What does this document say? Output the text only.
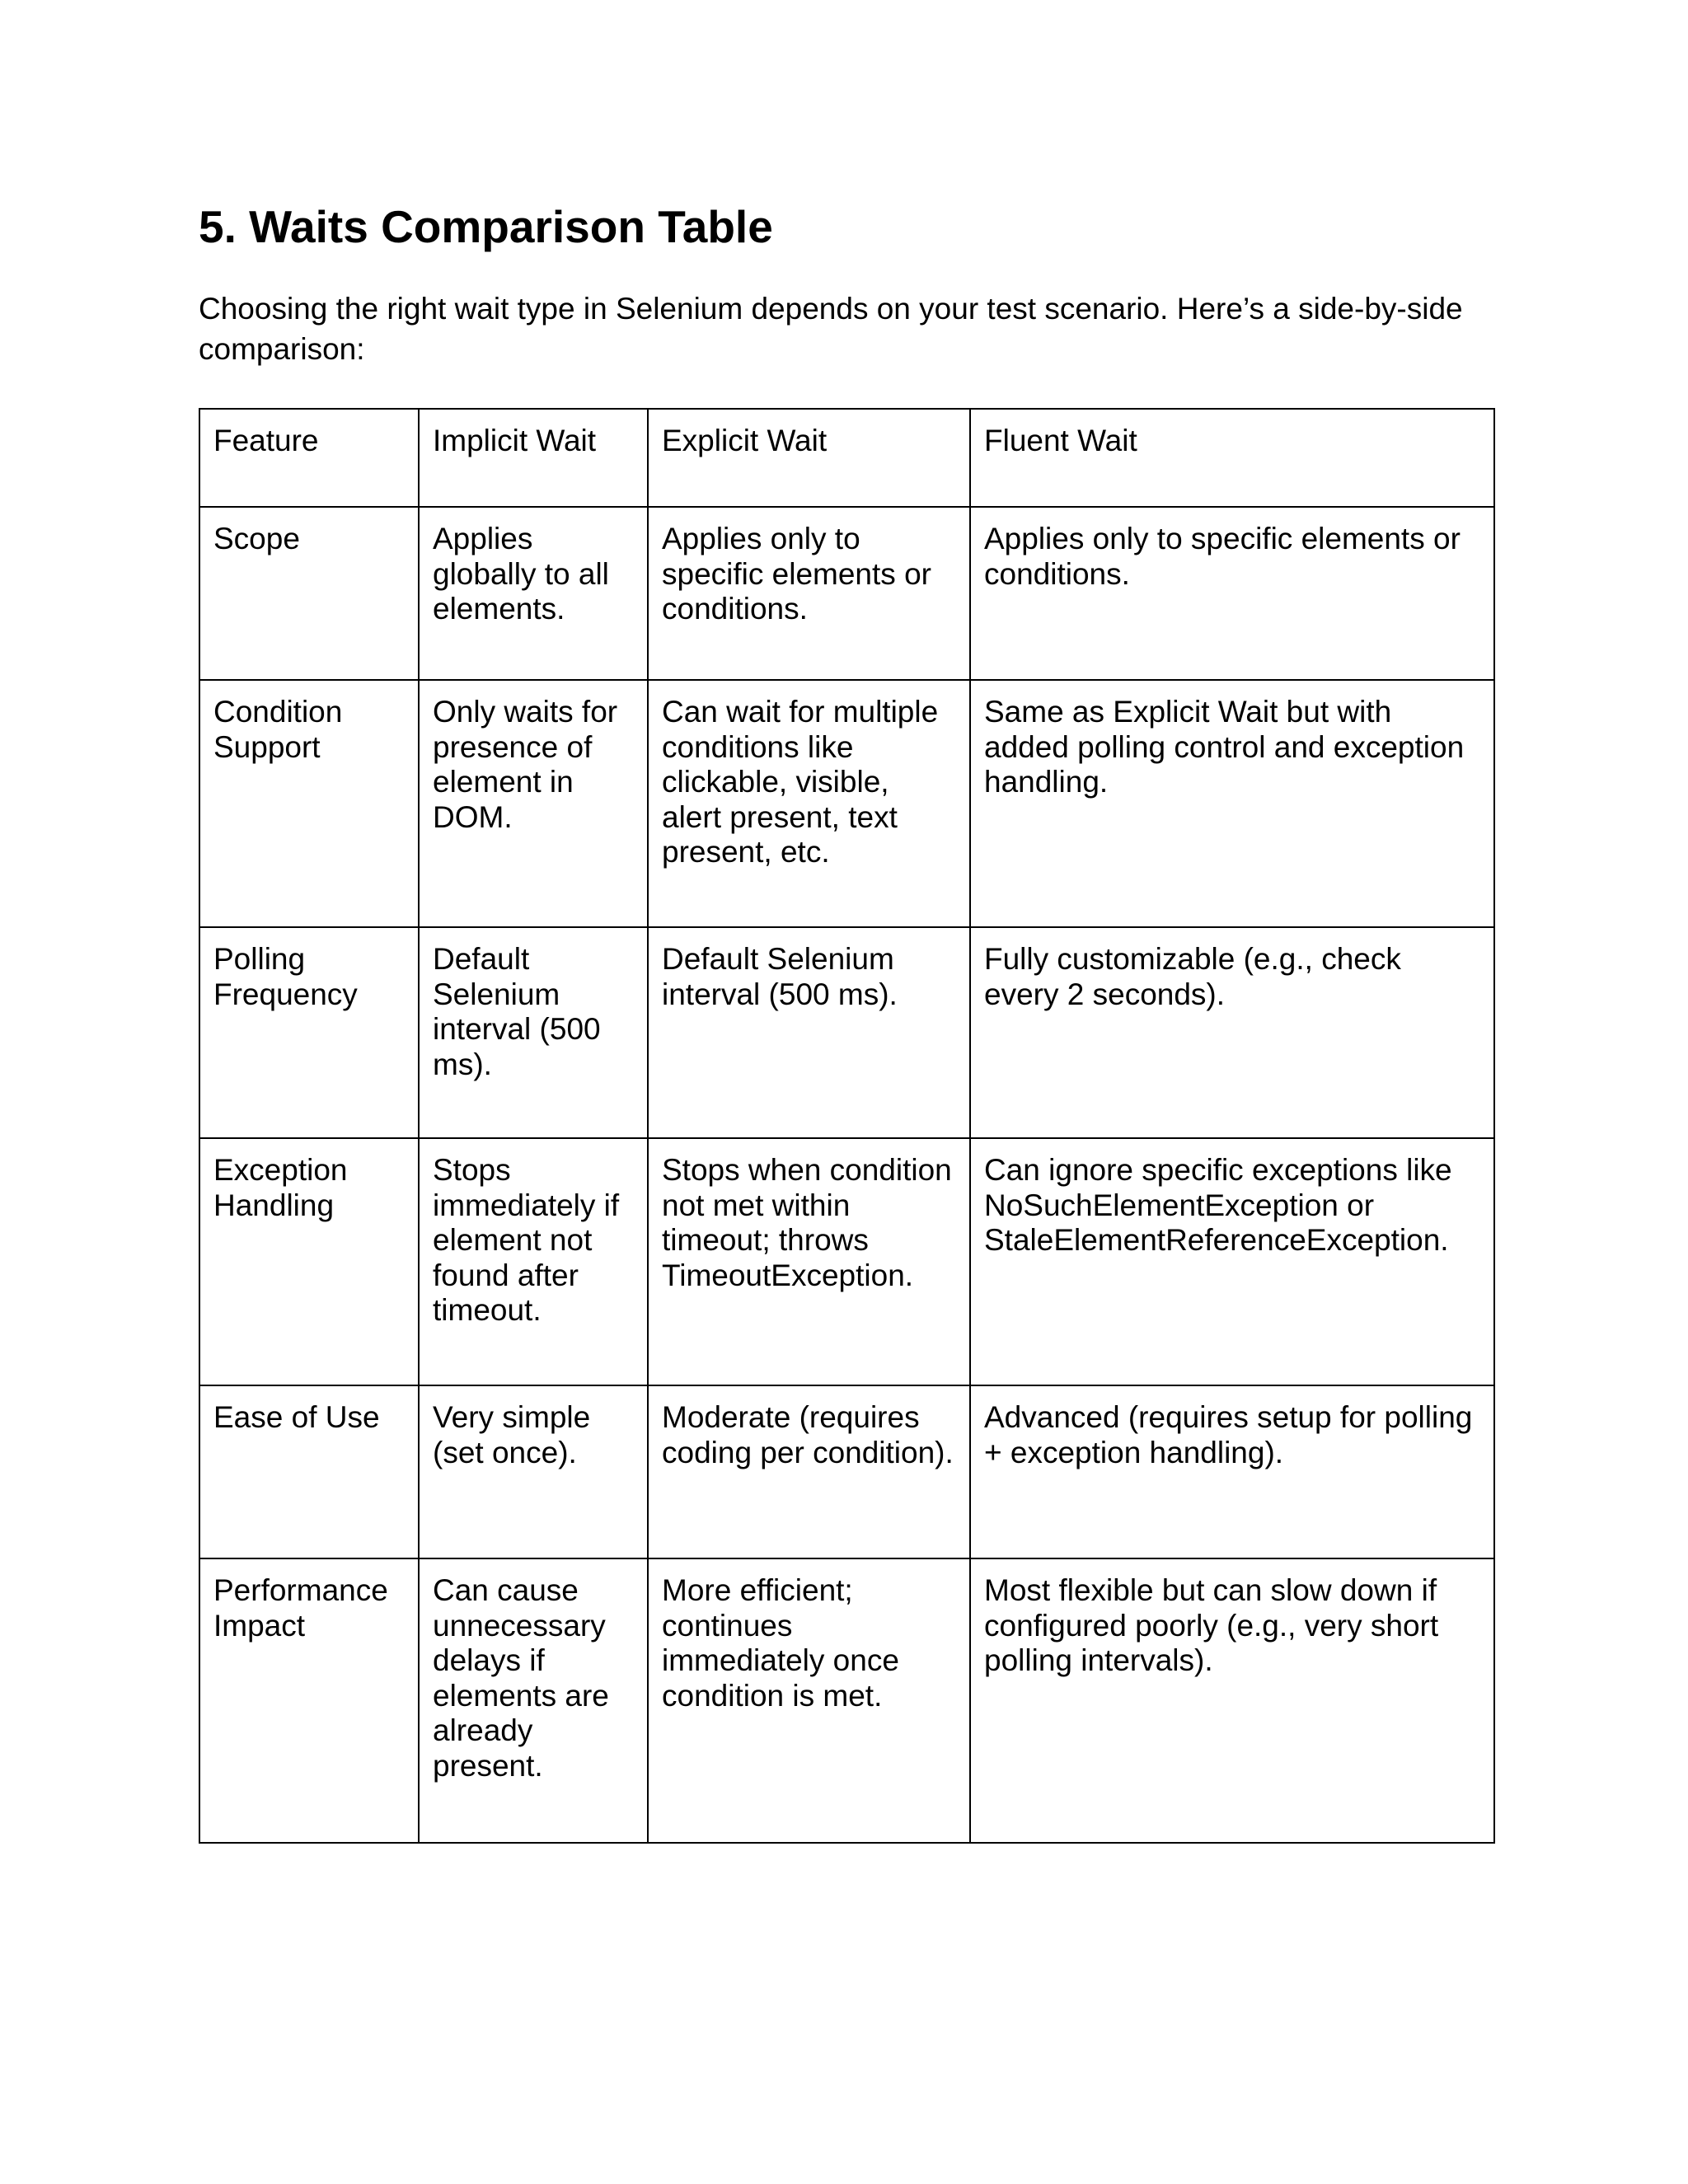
5. Waits Comparison Table

Choosing the right wait type in Selenium depends on your test scenario. Here’s a side-by-side comparison:

Feature	Implicit Wait	Explicit Wait	Fluent Wait
Scope	Applies globally to all elements.	Applies only to specific elements or conditions.	Applies only to specific elements or conditions.
Condition Support	Only waits for presence of element in DOM.	Can wait for multiple conditions like clickable, visible, alert present, text present, etc.	Same as Explicit Wait but with added polling control and exception handling.
Polling Frequency	Default Selenium interval (500 ms).	Default Selenium interval (500 ms).	Fully customizable (e.g., check every 2 seconds).
Exception Handling	Stops immediately if element not found after timeout.	Stops when condition not met within timeout; throws TimeoutException.	Can ignore specific exceptions like NoSuchElementException or StaleElementReferenceException.
Ease of Use	Very simple (set once).	Moderate (requires coding per condition).	Advanced (requires setup for polling + exception handling).
Performance Impact	Can cause unnecessary delays if elements are already present.	More efficient; continues immediately once condition is met.	Most flexible but can slow down if configured poorly (e.g., very short polling intervals).
